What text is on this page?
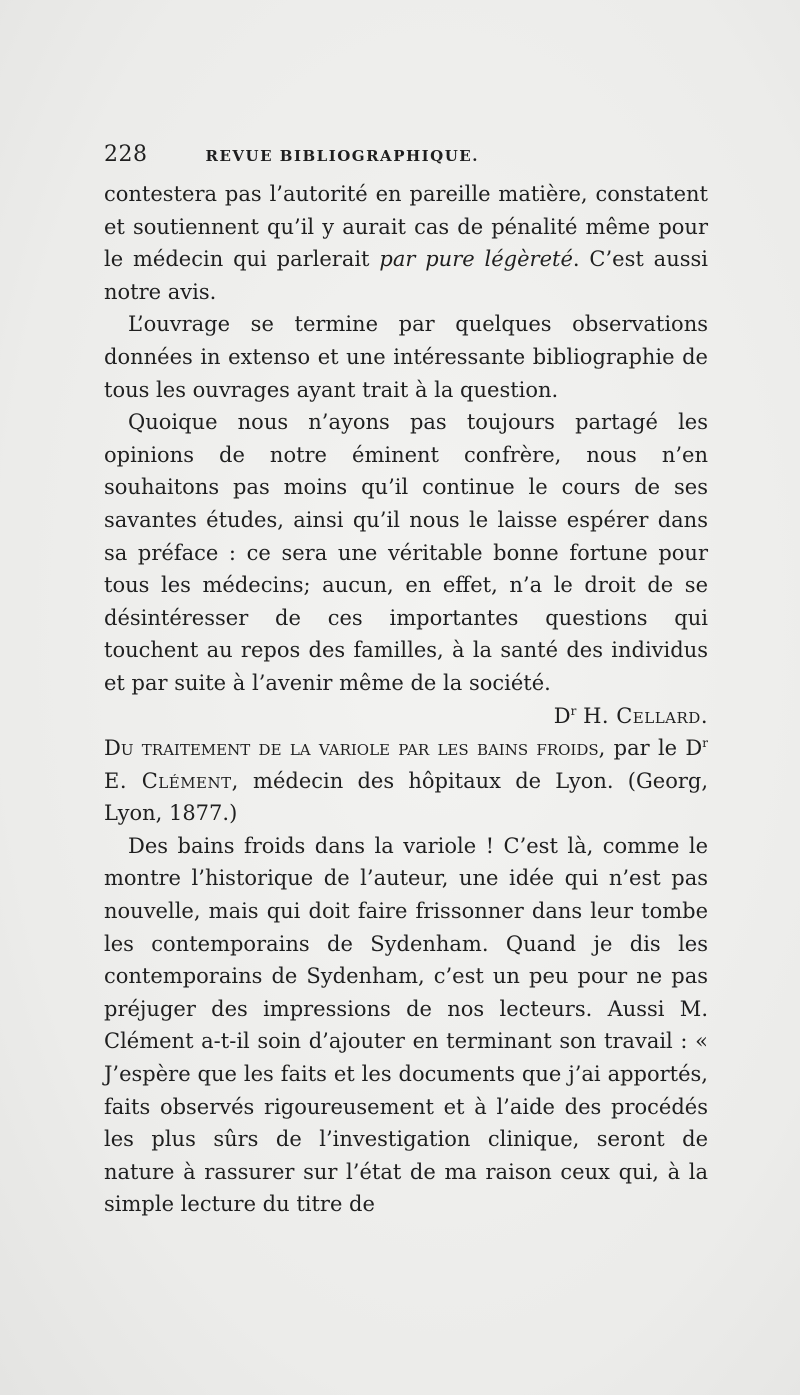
228	REVUE BIBLIOGRAPHIQUE.

contestera pas l’autorité en pareille matière, constatent et soutiennent qu’il y aurait cas de pénalité même pour le médecin qui parlerait par pure légèreté. C’est aussi notre avis.

L’ouvrage se termine par quelques observations données in extenso et une intéressante bibliographie de tous les ouvrages ayant trait à la question.

Quoique nous n’ayons pas toujours partagé les opinions de notre éminent confrère, nous n’en souhaitons pas moins qu’il continue le cours de ses savantes études, ainsi qu’il nous le laisse espérer dans sa préface : ce sera une véritable bonne fortune pour tous les médecins; aucun, en effet, n’a le droit de se désintéresser de ces importantes questions qui touchent au repos des familles, à la santé des individus et par suite à l’avenir même de la société.

$D^r$ H. Cellard.

Du traitement de la variole par les bains froids, par le $D^r$ E. Clément, médecin des hôpitaux de Lyon. (Georg, Lyon, 1877.)

Des bains froids dans la variole ! C’est là, comme le montre l’historique de l’auteur, une idée qui n’est pas nouvelle, mais qui doit faire frissonner dans leur tombe les contemporains de Sydenham. Quand je dis les contemporains de Sydenham, c’est un peu pour ne pas préjuger des impressions de nos lecteurs. Aussi M. Clément a-t-il soin d’ajouter en terminant son travail : « J’espère que les faits et les documents que j’ai apportés, faits observés rigoureusement et à l’aide des procédés les plus sûrs de l’investigation clinique, seront de nature à rassurer sur l’état de ma raison ceux qui, à la simple lecture du titre de
